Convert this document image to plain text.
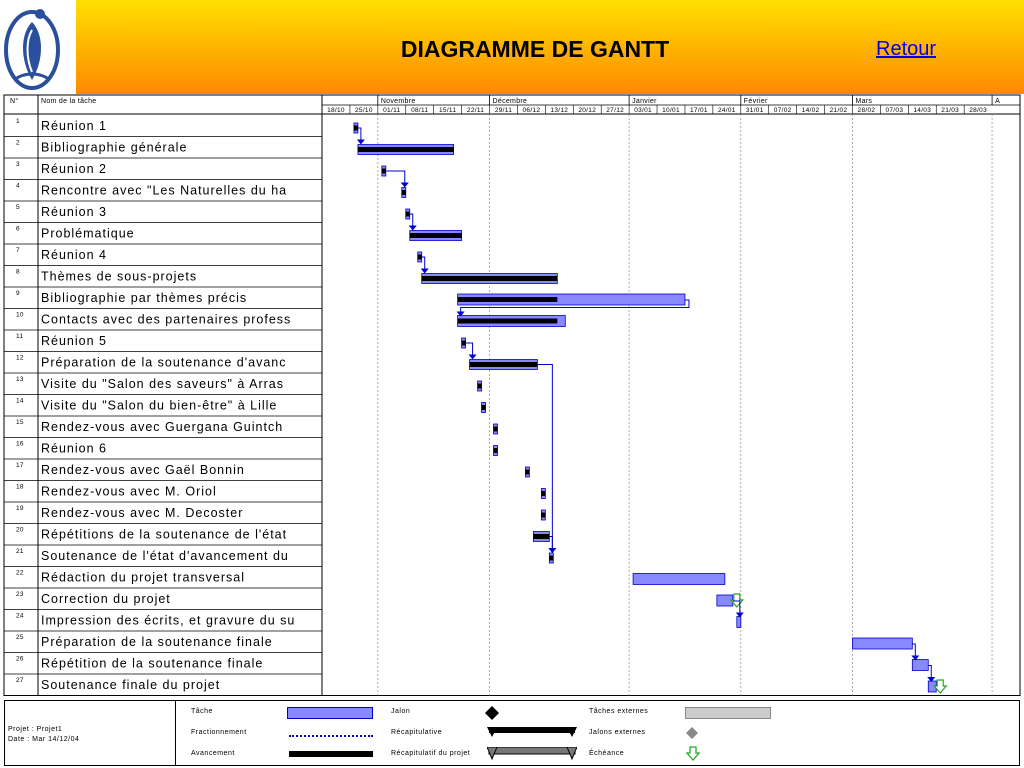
DIAGRAMME DE GANTT	Retour
N°	Nom de la tâche	Novembre	Décembre	Janvier	Février	Mars	A
18/10 25/10 01/11 08/11 15/11 22/11 29/11 06/12 13/12 20/12 27/12 03/01 10/01 17/01 24/01 31/01 07/02 14/02 21/02 28/02 07/03 14/03 21/03 28/03
1 Réunion 1
2 Bibliographie générale
3 Réunion 2
4 Rencontre avec "Les Naturelles du ha
5 Réunion 3
6 Problématique
7 Réunion 4
8 Thèmes de sous-projets
9 Bibliographie par thèmes précis
10 Contacts avec des partenaires profess
11 Réunion 5
12 Préparation de la soutenance d'avanc
13 Visite du "Salon des saveurs" à Arras
14 Visite du "Salon du bien-être" à Lille
15 Rendez-vous avec Guergana Guintch
16 Réunion 6
17 Rendez-vous avec Gaël Bonnin
18 Rendez-vous avec M. Oriol
19 Rendez-vous avec M. Decoster
20 Répétitions de la soutenance de l'état
21 Soutenance de l'état d'avancement du
22 Rédaction du projet transversal
23 Correction du projet
24 Impression des écrits, et gravure du su
25 Préparation de la soutenance finale
26 Répétition de la soutenance finale
27 Soutenance finale du projet
Projet : Projet1
Date : Mar 14/12/04
Tâche
Fractionnement
Avancement
Jalon
Récapitulative
Récapitulatif du projet
Tâches externes
Jalons externes
Échéance
